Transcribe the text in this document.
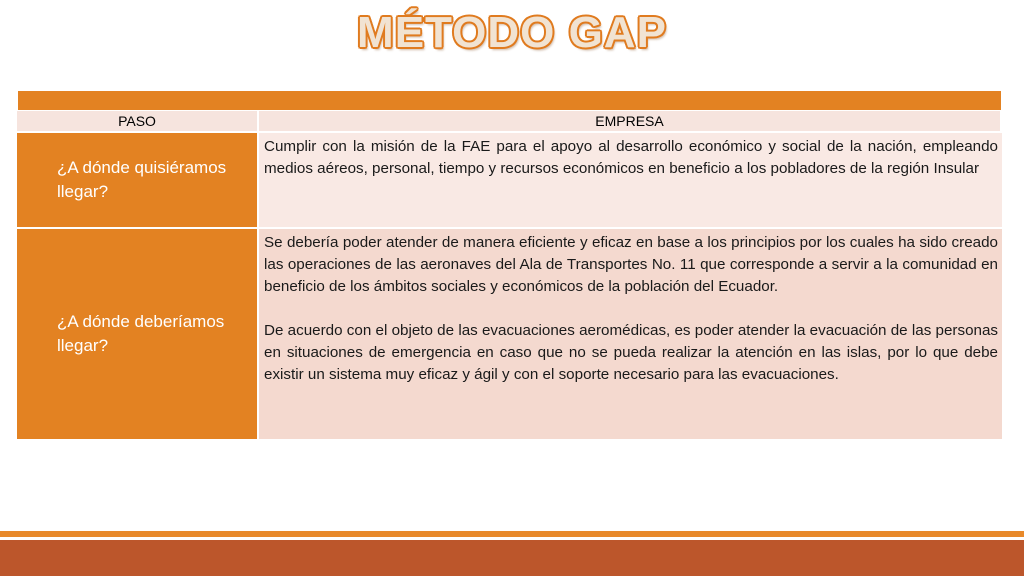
MÉTODO GAP
PASO	EMPRESA
¿A dónde quisiéramos llegar?

Cumplir con la misión de la FAE para el apoyo al desarrollo económico y social de la nación, empleando medios aéreos, personal, tiempo y recursos económicos en beneficio a los pobladores de la región Insular

¿A dónde deberíamos llegar?

Se debería poder atender de manera eficiente y eficaz en base a los principios por los cuales ha sido creado las operaciones de las aeronaves del Ala de Transportes No. 11 que corresponde a servir a la comunidad en beneficio de los ámbitos sociales y económicos de la población del Ecuador.

De acuerdo con el objeto de las evacuaciones aeromédicas, es poder atender la evacuación de las personas en situaciones de emergencia en caso que no se pueda realizar la atención en las islas, por lo que debe existir un sistema muy eficaz y ágil y con el soporte necesario para las evacuaciones.
